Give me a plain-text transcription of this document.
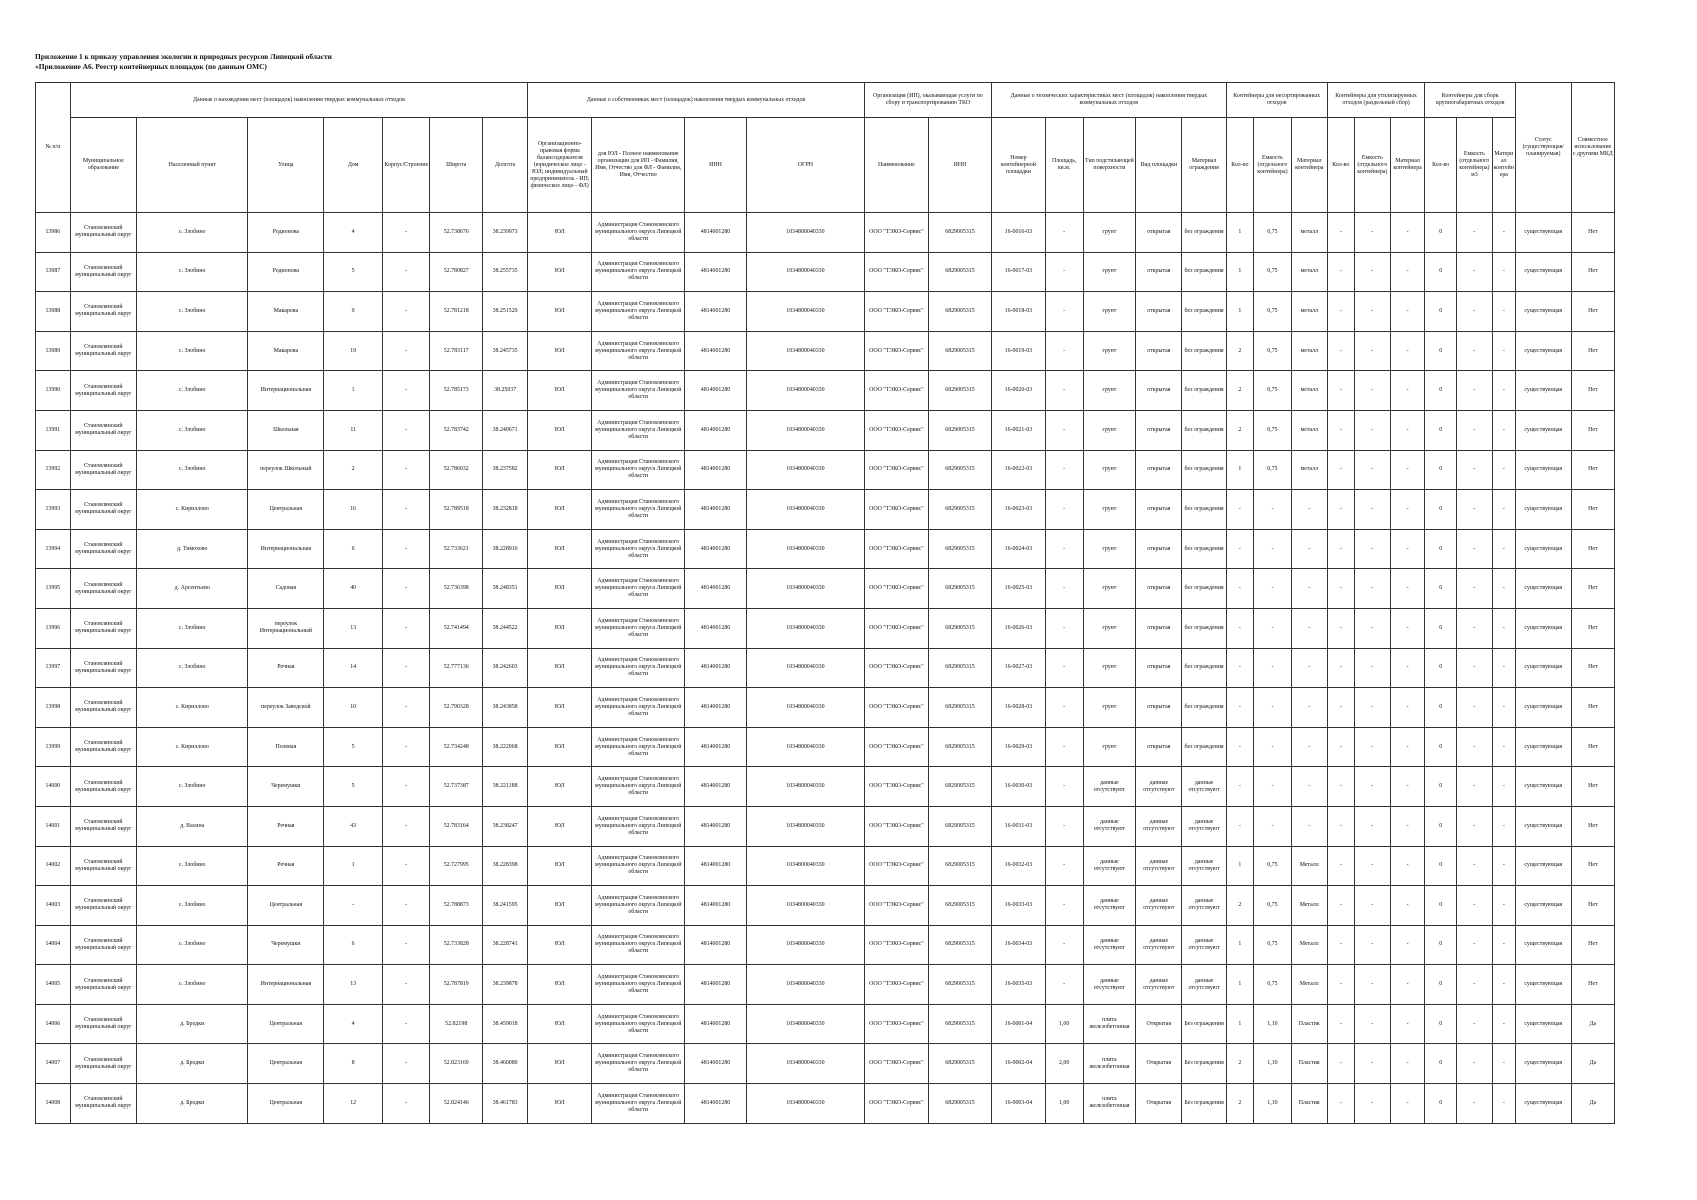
Приложение 1 к приказу управления экологии и природных ресурсов Липецкой области
«Приложение А6. Реестр контейнерных площадок (по данным ОМС)
№ п/п	Данные о нахождении мест (площадок) накопления твердых коммунальных отходов							Данные о собственниках мест (площадок) накопления твердых коммунальных отходов				Организация (ИП), оказывающая услуги по сбору и транспортированию ТКО		Данные о технических характеристиках мест (площадок) накопления твердых коммунальных отходов					Контейнеры для несортированных отходов			Контейнеры для утилизируемых отходов (раздельный сбор)			Контейнеры для сборк крупногабаритных отходов			Статус (существующая/планируемая)	Совместное использование с другими МКД
	Муниципальное образование	Населенный пункт	Улица	Дом	Корпус/Строение	Широта	Долгота	Организационно-правовая форма балансодержателя (юридическое лицо - ЮЛ; индивидуальный предприниматель - ИП; физическое лицо - ФЛ)	для ЮЛ - Полное наименование организации для ИП - Фамилия, Имя, Отчество для ФЛ - Фамилия, Имя, Отчество	ИНН	ОГРН	Наименование	ИНН	Номер контейнерной площадки	Площадь, кв.м.	Тип подстилающей поверхности	Вид площадки	Материал ограждения	Кол-во	Емкость (отдельного контейнера)	Материал контейнера	Кол-во	Емкость (отдельного контейнера)	Материал контейнера	Кол-во	Емкость (отдельного контейнера) м3	Материал контейнера		
13986	Становлянский муниципальный округ	с. Злобино	Родионова	4	-	52.738676	38.239973	ЮЛ	Администрация Становлянского муниципального округа Липецкой области	4814001280	1034800040330	ООО "ТЭКО-Сервис"	6829005315	16-0016-03	-	грунт	открытая	без ограждения	1	0,75	металл	-	-	-	0	-	-	существующая	Нет
13987	Становлянский муниципальный округ	с. Злобино	Родионова	5	-	52.780827	38.255735	ЮЛ	Администрация Становлянского муниципального округа Липецкой области	4814001280	1034800040330	ООО "ТЭКО-Сервис"	6829005315	16-0017-03	-	грунт	открытая	без ограждения	1	0,75	металл	-	-	-	0	-	-	существующая	Нет
13988	Становлянский муниципальный округ	с. Злобино	Макарова	9	-	52.781218	38.251529	ЮЛ	Администрация Становлянского муниципального округа Липецкой области	4814001280	1034800040330	ООО "ТЭКО-Сервис"	6829005315	16-0018-03	-	грунт	открытая	без ограждения	1	0,75	металл	-	-	-	0	-	-	существующая	Нет
13989	Становлянский муниципальный округ	с. Злобино	Макарова	19	-	52.783117	38.245735	ЮЛ	Администрация Становлянского муниципального округа Липецкой области	4814001280	1034800040330	ООО "ТЭКО-Сервис"	6829005315	16-0019-03	-	грунт	открытая	без ограждения	2	0,75	металл	-	-	-	0	-	-	существующая	Нет
13990	Становлянский муниципальный округ	с. Злобино	Интернациональная	1	-	52.785173	38.25037	ЮЛ	Администрация Становлянского муниципального округа Липецкой области	4814001280	1034800040330	ООО "ТЭКО-Сервис"	6829005315	16-0020-03	-	грунт	открытая	без ограждения	2	0,75	металл	-	-	-	0	-	-	существующая	Нет
13991	Становлянский муниципальный округ	с. Злобино	Школьная	11	-	52.783742	38.240671	ЮЛ	Администрация Становлянского муниципального округа Липецкой области	4814001280	1034800040330	ООО "ТЭКО-Сервис"	6829005315	16-0021-03	-	грунт	открытая	без ограждения	2	0,75	металл	-	-	-	0	-	-	существующая	Нет
13992	Становлянский муниципальный округ	с. Злобино	переулок Школьный	2	-	52.786032	38.237582	ЮЛ	Администрация Становлянского муниципального округа Липецкой области	4814001280	1034800040330	ООО "ТЭКО-Сервис"	6829005315	16-0022-03	-	грунт	открытая	без ограждения	1	0,75	металл	-	-	-	0	-	-	существующая	Нет
13993	Становлянский муниципальный округ	с. Кириллово	Центральная	16	-	52.789518	38.232818	ЮЛ	Администрация Становлянского муниципального округа Липецкой области	4814001280	1034800040330	ООО "ТЭКО-Сервис"	6829005315	16-0023-03	-	грунт	открытая	без ограждения	-	-	-	-	-	-	0	-	-	существующая	Нет
13994	Становлянский муниципальный округ	д. Тимохово	Интернациональная	6	-	52.733621	38.228916	ЮЛ	Администрация Становлянского муниципального округа Липецкой области	4814001280	1034800040330	ООО "ТЭКО-Сервис"	6829005315	16-0024-03	-	грунт	открытая	без ограждения	-	-	-	-	-	-	0	-	-	существующая	Нет
13995	Становлянский муниципальный округ	д. Арсентьево	Садовая	40	-	52.736398	38.248351	ЮЛ	Администрация Становлянского муниципального округа Липецкой области	4814001280	1034800040330	ООО "ТЭКО-Сервис"	6829005315	16-0025-03	-	грунт	открытая	без ограждения	-	-	-	-	-	-	0	-	-	существующая	Нет
13996	Становлянский муниципальный округ	с. Злобино	переулок Интернациональный	13	-	52.741494	38.244522	ЮЛ	Администрация Становлянского муниципального округа Липецкой области	4814001280	1034800040330	ООО "ТЭКО-Сервис"	6829005315	16-0026-03	-	грунт	открытая	без ограждения	-	-	-	-	-	-	0	-	-	существующая	Нет
13997	Становлянский муниципальный округ	с. Злобино	Речная	14	-	52.777136	38.242603	ЮЛ	Администрация Становлянского муниципального округа Липецкой области	4814001280	1034800040330	ООО "ТЭКО-Сервис"	6829005315	16-0027-03	-	грунт	открытая	без ограждения	-	-	-	-	-	-	0	-	-	существующая	Нет
13998	Становлянский муниципальный округ	с. Кириллово	переулок Заводской	10	-	52.790328	38.243858	ЮЛ	Администрация Становлянского муниципального округа Липецкой области	4814001280	1034800040330	ООО "ТЭКО-Сервис"	6829005315	16-0028-03	-	грунт	открытая	без ограждения	-	-	-	-	-	-	0	-	-	существующая	Нет
13999	Становлянский муниципальный округ	с. Кириллово	Полевая	5	-	52.734248	38.222068	ЮЛ	Администрация Становлянского муниципального округа Липецкой области	4814001280	1034800040330	ООО "ТЭКО-Сервис"	6829005315	16-0029-03	-	грунт	открытая	без ограждения	-	-	-	-	-	-	0	-	-	существующая	Нет
14000	Становлянский муниципальный округ	с. Злобино	Черемушки	5	-	52.737387	38.221188	ЮЛ	Администрация Становлянского муниципального округа Липецкой области	4814001280	1034800040330	ООО "ТЭКО-Сервис"	6829005315	16-0030-03	-	данные отсутствуют	данные отсутствуют	данные отсутствуют	-	-	-	-	-	-	0	-	-	существующая	Нет
14001	Становлянский муниципальный округ	д. Васина	Речная	43	-	52.783164	38.238247	ЮЛ	Администрация Становлянского муниципального округа Липецкой области	4814001280	1034800040330	ООО "ТЭКО-Сервис"	6829005315	16-0031-03	-	данные отсутствуют	данные отсутствуют	данные отсутствуют	-	-	-	-	-	-	0	-	-	существующая	Нет
14002	Становлянский муниципальный округ	с. Злобино	Речная	1	-	52.727995	38.228398	ЮЛ	Администрация Становлянского муниципального округа Липецкой области	4814001280	1034800040330	ООО "ТЭКО-Сервис"	6829005315	16-0032-03	-	данные отсутствуют	данные отсутствуют	данные отсутствуют	1	0,75	Металл	-	-	-	0	-	-	существующая	Нет
14003	Становлянский муниципальный округ	с. Злобино	Центральная	-	-	52.788873	38.241595	ЮЛ	Администрация Становлянского муниципального округа Липецкой области	4814001280	1034800040330	ООО "ТЭКО-Сервис"	6829005315	16-0033-03	-	данные отсутствуют	данные отсутствуют	данные отсутствуют	2	0,75	Металл	-	-	-	0	-	-	существующая	Нет
14004	Становлянский муниципальный округ	с. Злобино	Черемушки	6	-	52.733828	38.228741	ЮЛ	Администрация Становлянского муниципального округа Липецкой области	4814001280	1034800040330	ООО "ТЭКО-Сервис"	6829005315	16-0034-03	-	данные отсутствуют	данные отсутствуют	данные отсутствуют	1	0,75	Металл	-	-	-	0	-	-	существующая	Нет
14005	Становлянский муниципальный округ	с. Злобино	Интернациональная	13	-	52.787819	38.239878	ЮЛ	Администрация Становлянского муниципального округа Липецкой области	4814001280	1034800040330	ООО "ТЭКО-Сервис"	6829005315	16-0035-03	-	данные отсутствуют	данные отсутствуют	данные отсутствуют	1	0,75	Металл	-	-	-	0	-	-	существующая	Нет
14006	Становлянский муниципальный округ	д. Бродки	Центральная	4	-	52.82198	38.459018	ЮЛ	Администрация Становлянского муниципального округа Липецкой области	4814001280	1034800040330	ООО "ТЭКО-Сервис"	6829005315	16-0001-04	1,00	плита железобетонная	Открытая	Без ограждения	1	1,10	Пластик	-	-	-	0	-	-	существующая	Да
14007	Становлянский муниципальный округ	д. Бродки	Центральная	8	-	52.823169	38.460080	ЮЛ	Администрация Становлянского муниципального округа Липецкой области	4814001280	1034800040330	ООО "ТЭКО-Сервис"	6829005315	16-0002-04	2,00	плита железобетонная	Открытая	Без ограждения	2	1,10	Пластик	-	-	-	0	-	-	существующая	Да
14008	Становлянский муниципальный округ	д. Бродки	Центральная	12	-	52.824146	38.461783	ЮЛ	Администрация Становлянского муниципального округа Липецкой области	4814001280	1034800040330	ООО "ТЭКО-Сервис"	6829005315	16-0003-04	1,00	плита железобетонная	Открытая	Без ограждения	2	1,10	Пластик	-	-	-	0	-	-	существующая	Да
